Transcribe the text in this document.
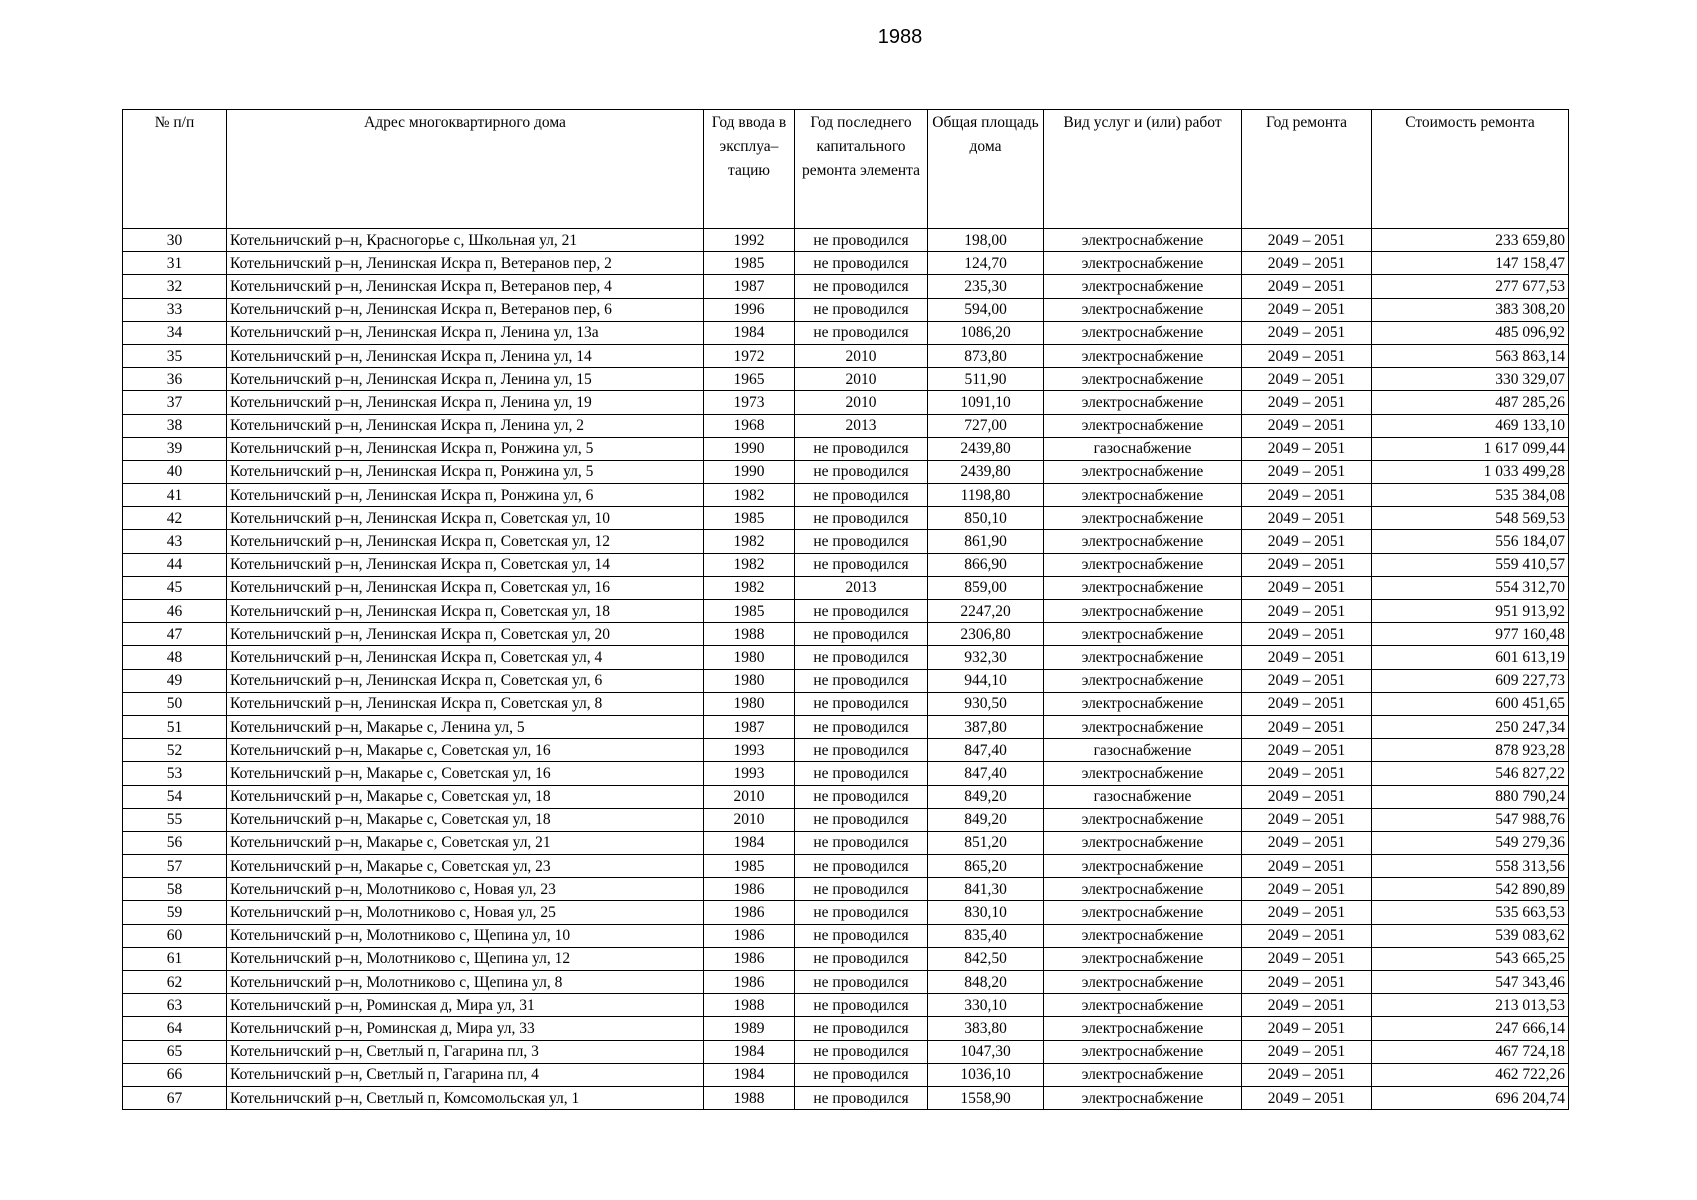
1988
№ п/п	Адрес многоквартирного дома	Год ввода в эксплуа–тацию	Год последнего капитального ремонта элемента	Общая площадь дома	Вид услуг и (или) работ	Год ремонта	Стоимость ремонта
30	Котельничский р–н, Красногорье с, Школьная ул, 21	1992	не проводился	198,00	электроснабжение	2049 – 2051	233 659,80
31	Котельничский р–н, Ленинская Искра п, Ветеранов пер, 2	1985	не проводился	124,70	электроснабжение	2049 – 2051	147 158,47
32	Котельничский р–н, Ленинская Искра п, Ветеранов пер, 4	1987	не проводился	235,30	электроснабжение	2049 – 2051	277 677,53
33	Котельничский р–н, Ленинская Искра п, Ветеранов пер, 6	1996	не проводился	594,00	электроснабжение	2049 – 2051	383 308,20
34	Котельничский р–н, Ленинская Искра п, Ленина ул, 13а	1984	не проводился	1086,20	электроснабжение	2049 – 2051	485 096,92
35	Котельничский р–н, Ленинская Искра п, Ленина ул, 14	1972	2010	873,80	электроснабжение	2049 – 2051	563 863,14
36	Котельничский р–н, Ленинская Искра п, Ленина ул, 15	1965	2010	511,90	электроснабжение	2049 – 2051	330 329,07
37	Котельничский р–н, Ленинская Искра п, Ленина ул, 19	1973	2010	1091,10	электроснабжение	2049 – 2051	487 285,26
38	Котельничский р–н, Ленинская Искра п, Ленина ул, 2	1968	2013	727,00	электроснабжение	2049 – 2051	469 133,10
39	Котельничский р–н, Ленинская Искра п, Ронжина ул, 5	1990	не проводился	2439,80	газоснабжение	2049 – 2051	1 617 099,44
40	Котельничский р–н, Ленинская Искра п, Ронжина ул, 5	1990	не проводился	2439,80	электроснабжение	2049 – 2051	1 033 499,28
41	Котельничский р–н, Ленинская Искра п, Ронжина ул, 6	1982	не проводился	1198,80	электроснабжение	2049 – 2051	535 384,08
42	Котельничский р–н, Ленинская Искра п, Советская ул, 10	1985	не проводился	850,10	электроснабжение	2049 – 2051	548 569,53
43	Котельничский р–н, Ленинская Искра п, Советская ул, 12	1982	не проводился	861,90	электроснабжение	2049 – 2051	556 184,07
44	Котельничский р–н, Ленинская Искра п, Советская ул, 14	1982	не проводился	866,90	электроснабжение	2049 – 2051	559 410,57
45	Котельничский р–н, Ленинская Искра п, Советская ул, 16	1982	2013	859,00	электроснабжение	2049 – 2051	554 312,70
46	Котельничский р–н, Ленинская Искра п, Советская ул, 18	1985	не проводился	2247,20	электроснабжение	2049 – 2051	951 913,92
47	Котельничский р–н, Ленинская Искра п, Советская ул, 20	1988	не проводился	2306,80	электроснабжение	2049 – 2051	977 160,48
48	Котельничский р–н, Ленинская Искра п, Советская ул, 4	1980	не проводился	932,30	электроснабжение	2049 – 2051	601 613,19
49	Котельничский р–н, Ленинская Искра п, Советская ул, 6	1980	не проводился	944,10	электроснабжение	2049 – 2051	609 227,73
50	Котельничский р–н, Ленинская Искра п, Советская ул, 8	1980	не проводился	930,50	электроснабжение	2049 – 2051	600 451,65
51	Котельничский р–н, Макарье с, Ленина ул, 5	1987	не проводился	387,80	электроснабжение	2049 – 2051	250 247,34
52	Котельничский р–н, Макарье с, Советская ул, 16	1993	не проводился	847,40	газоснабжение	2049 – 2051	878 923,28
53	Котельничский р–н, Макарье с, Советская ул, 16	1993	не проводился	847,40	электроснабжение	2049 – 2051	546 827,22
54	Котельничский р–н, Макарье с, Советская ул, 18	2010	не проводился	849,20	газоснабжение	2049 – 2051	880 790,24
55	Котельничский р–н, Макарье с, Советская ул, 18	2010	не проводился	849,20	электроснабжение	2049 – 2051	547 988,76
56	Котельничский р–н, Макарье с, Советская ул, 21	1984	не проводился	851,20	электроснабжение	2049 – 2051	549 279,36
57	Котельничский р–н, Макарье с, Советская ул, 23	1985	не проводился	865,20	электроснабжение	2049 – 2051	558 313,56
58	Котельничский р–н, Молотниково с, Новая ул, 23	1986	не проводился	841,30	электроснабжение	2049 – 2051	542 890,89
59	Котельничский р–н, Молотниково с, Новая ул, 25	1986	не проводился	830,10	электроснабжение	2049 – 2051	535 663,53
60	Котельничский р–н, Молотниково с, Щепина ул, 10	1986	не проводился	835,40	электроснабжение	2049 – 2051	539 083,62
61	Котельничский р–н, Молотниково с, Щепина ул, 12	1986	не проводился	842,50	электроснабжение	2049 – 2051	543 665,25
62	Котельничский р–н, Молотниково с, Щепина ул, 8	1986	не проводился	848,20	электроснабжение	2049 – 2051	547 343,46
63	Котельничский р–н, Роминская д, Мира ул, 31	1988	не проводился	330,10	электроснабжение	2049 – 2051	213 013,53
64	Котельничский р–н, Роминская д, Мира ул, 33	1989	не проводился	383,80	электроснабжение	2049 – 2051	247 666,14
65	Котельничский р–н, Светлый п, Гагарина пл, 3	1984	не проводился	1047,30	электроснабжение	2049 – 2051	467 724,18
66	Котельничский р–н, Светлый п, Гагарина пл, 4	1984	не проводился	1036,10	электроснабжение	2049 – 2051	462 722,26
67	Котельничский р–н, Светлый п, Комсомольская ул, 1	1988	не проводился	1558,90	электроснабжение	2049 – 2051	696 204,74
